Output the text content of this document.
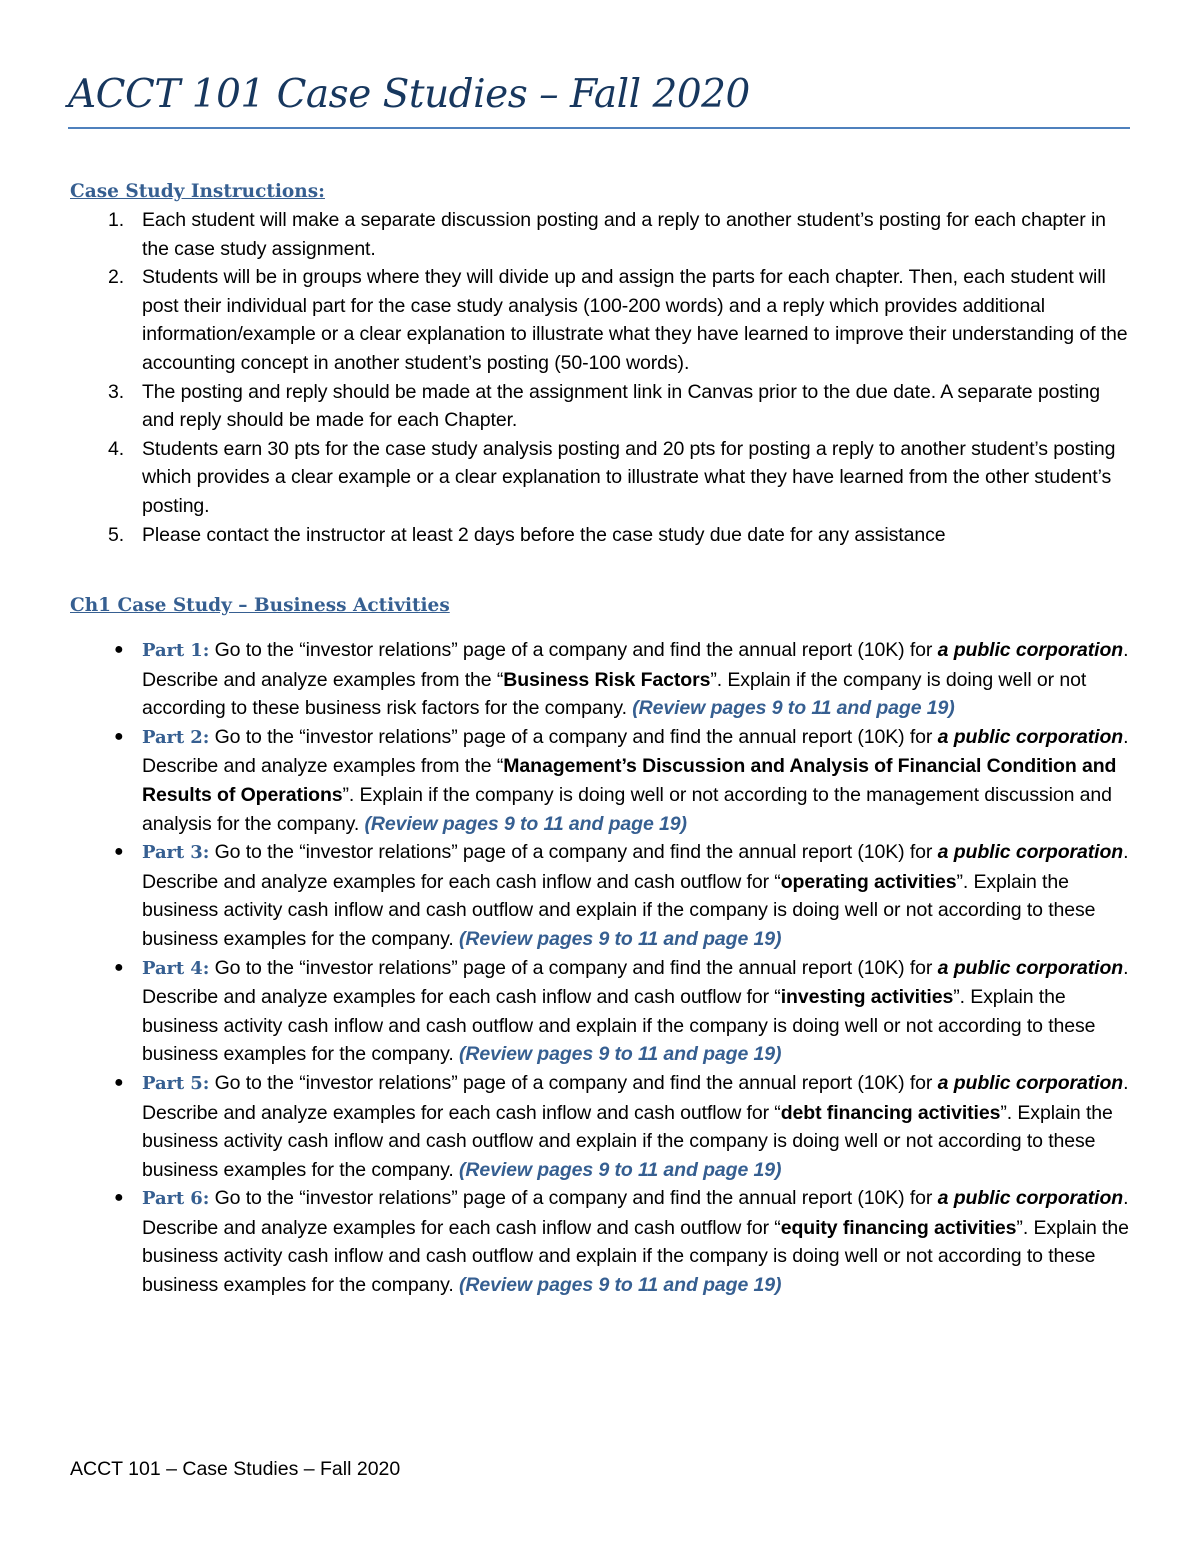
ACCT 101 Case Studies – Fall 2020
Case Study Instructions:
1. Each student will make a separate discussion posting and a reply to another student’s posting for each chapter in the case study assignment.
2. Students will be in groups where they will divide up and assign the parts for each chapter. Then, each student will post their individual part for the case study analysis (100-200 words) and a reply which provides additional information/example or a clear explanation to illustrate what they have learned to improve their understanding of the accounting concept in another student’s posting (50-100 words).
3. The posting and reply should be made at the assignment link in Canvas prior to the due date. A separate posting and reply should be made for each Chapter.
4. Students earn 30 pts for the case study analysis posting and 20 pts for posting a reply to another student’s posting which provides a clear example or a clear explanation to illustrate what they have learned from the other student’s posting.
5. Please contact the instructor at least 2 days before the case study due date for any assistance
Ch1 Case Study – Business Activities
● Part 1: Go to the “investor relations” page of a company and find the annual report (10K) for a public corporation. Describe and analyze examples from the “Business Risk Factors”. Explain if the company is doing well or not according to these business risk factors for the company. (Review pages 9 to 11 and page 19)
● Part 2: Go to the “investor relations” page of a company and find the annual report (10K) for a public corporation. Describe and analyze examples from the “Management’s Discussion and Analysis of Financial Condition and Results of Operations”. Explain if the company is doing well or not according to the management discussion and analysis for the company. (Review pages 9 to 11 and page 19)
● Part 3: Go to the “investor relations” page of a company and find the annual report (10K) for a public corporation. Describe and analyze examples for each cash inflow and cash outflow for “operating activities”. Explain the business activity cash inflow and cash outflow and explain if the company is doing well or not according to these business examples for the company. (Review pages 9 to 11 and page 19)
● Part 4: Go to the “investor relations” page of a company and find the annual report (10K) for a public corporation. Describe and analyze examples for each cash inflow and cash outflow for “investing activities”. Explain the business activity cash inflow and cash outflow and explain if the company is doing well or not according to these business examples for the company. (Review pages 9 to 11 and page 19)
● Part 5: Go to the “investor relations” page of a company and find the annual report (10K) for a public corporation. Describe and analyze examples for each cash inflow and cash outflow for “debt financing activities”. Explain the business activity cash inflow and cash outflow and explain if the company is doing well or not according to these business examples for the company. (Review pages 9 to 11 and page 19)
● Part 6: Go to the “investor relations” page of a company and find the annual report (10K) for a public corporation. Describe and analyze examples for each cash inflow and cash outflow for “equity financing activities”. Explain the business activity cash inflow and cash outflow and explain if the company is doing well or not according to these business examples for the company. (Review pages 9 to 11 and page 19)
ACCT 101 – Case Studies – Fall 2020
